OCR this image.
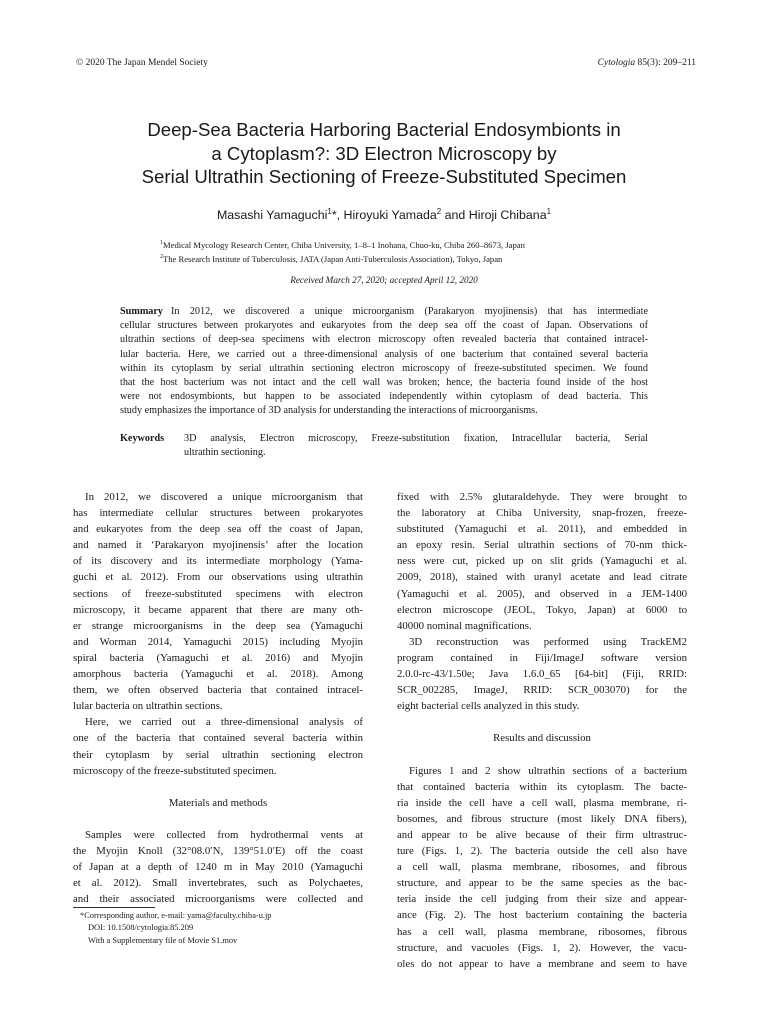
© 2020 The Japan Mendel Society	Cytologia 85(3): 209–211
Deep-Sea Bacteria Harboring Bacterial Endosymbionts in
a Cytoplasm?: 3D Electron Microscopy by
Serial Ultrathin Sectioning of Freeze-Substituted Specimen
Masashi Yamaguchi$^1$*, Hiroyuki Yamada$^2$ and Hiroji Chibana$^1$
$^1$Medical Mycology Research Center, Chiba University, 1–8–1 Inohana, Chuo-ku, Chiba 260–8673, Japan
$^2$The Research Institute of Tuberculosis, JATA (Japan Anti-Tuberculosis Association), Tokyo, Japan
Received March 27, 2020; accepted April 12, 2020
Summary In 2012, we discovered a unique microorganism (Parakaryon myojinensis) that has intermediate
cellular structures between prokaryotes and eukaryotes from the deep sea off the coast of Japan. Observations of
ultrathin sections of deep-sea specimens with electron microscopy often revealed bacteria that contained intracel-
lular bacteria. Here, we carried out a three-dimensional analysis of one bacterium that contained several bacteria
within its cytoplasm by serial ultrathin sectioning electron microscopy of freeze-substituted specimen. We found
that the host bacterium was not intact and the cell wall was broken; hence, the bacteria found inside of the host
were not endosymbionts, but happen to be associated independently within cytoplasm of dead bacteria. This
study emphasizes the importance of 3D analysis for understanding the interactions of microorganisms.
Keywords 3D analysis, Electron microscopy, Freeze-substitution fixation, Intracellular bacteria, Serial
ultrathin sectioning.
In 2012, we discovered a unique microorganism that
has intermediate cellular structures between prokaryotes
and eukaryotes from the deep sea off the coast of Japan,
and named it ‘Parakaryon myojinensis’ after the location
of its discovery and its intermediate morphology (Yama-
guchi et al. 2012). From our observations using ultrathin
sections of freeze-substituted specimens with electron
microscopy, it became apparent that there are many oth-
er strange microorganisms in the deep sea (Yamaguchi
and Worman 2014, Yamaguchi 2015) including Myojin
spiral bacteria (Yamaguchi et al. 2016) and Myojin
amorphous bacteria (Yamaguchi et al. 2018). Among
them, we often observed bacteria that contained intracel-
lular bacteria on ultrathin sections.
Here, we carried out a three-dimensional analysis of
one of the bacteria that contained several bacteria within
their cytoplasm by serial ultrathin sectioning electron
microscopy of the freeze-substituted specimen.
Materials and methods
Samples were collected from hydrothermal vents at
the Myojin Knoll (32°08.0′N, 139°51.0′E) off the coast
of Japan at a depth of 1240 m in May 2010 (Yamaguchi
et al. 2012). Small invertebrates, such as Polychaetes,
and their associated microorganisms were collected and
fixed with 2.5% glutaraldehyde. They were brought to
the laboratory at Chiba University, snap-frozen, freeze-
substituted (Yamaguchi et al. 2011), and embedded in
an epoxy resin. Serial ultrathin sections of 70-nm thick-
ness were cut, picked up on slit grids (Yamaguchi et al.
2009, 2018), stained with uranyl acetate and lead citrate
(Yamaguchi et al. 2005), and observed in a JEM-1400
electron microscope (JEOL, Tokyo, Japan) at 6000 to
40000 nominal magnifications.
3D reconstruction was performed using TrackEM2
program contained in Fiji/ImageJ software version
2.0.0-rc-43/1.50e; Java 1.6.0_65 [64-bit] (Fiji, RRID:
SCR_002285, ImageJ, RRID: SCR_003070) for the
eight bacterial cells analyzed in this study.
Results and discussion
Figures 1 and 2 show ultrathin sections of a bacterium
that contained bacteria within its cytoplasm. The bacte-
ria inside the cell have a cell wall, plasma membrane, ri-
bosomes, and fibrous structure (most likely DNA fibers),
and appear to be alive because of their firm ultrastruc-
ture (Figs. 1, 2). The bacteria outside the cell also have
a cell wall, plasma membrane, ribosomes, and fibrous
structure, and appear to be the same species as the bac-
teria inside the cell judging from their size and appear-
ance (Fig. 2). The host bacterium containing the bacteria
has a cell wall, plasma membrane, ribosomes, fibrous
structure, and vacuoles (Figs. 1, 2). However, the vacu-
oles do not appear to have a membrane and seem to have
*Corresponding author, e-mail: yama@faculty.chiba-u.jp
DOI: 10.1508/cytologia.85.209
With a Supplementary file of Movie S1.mov
